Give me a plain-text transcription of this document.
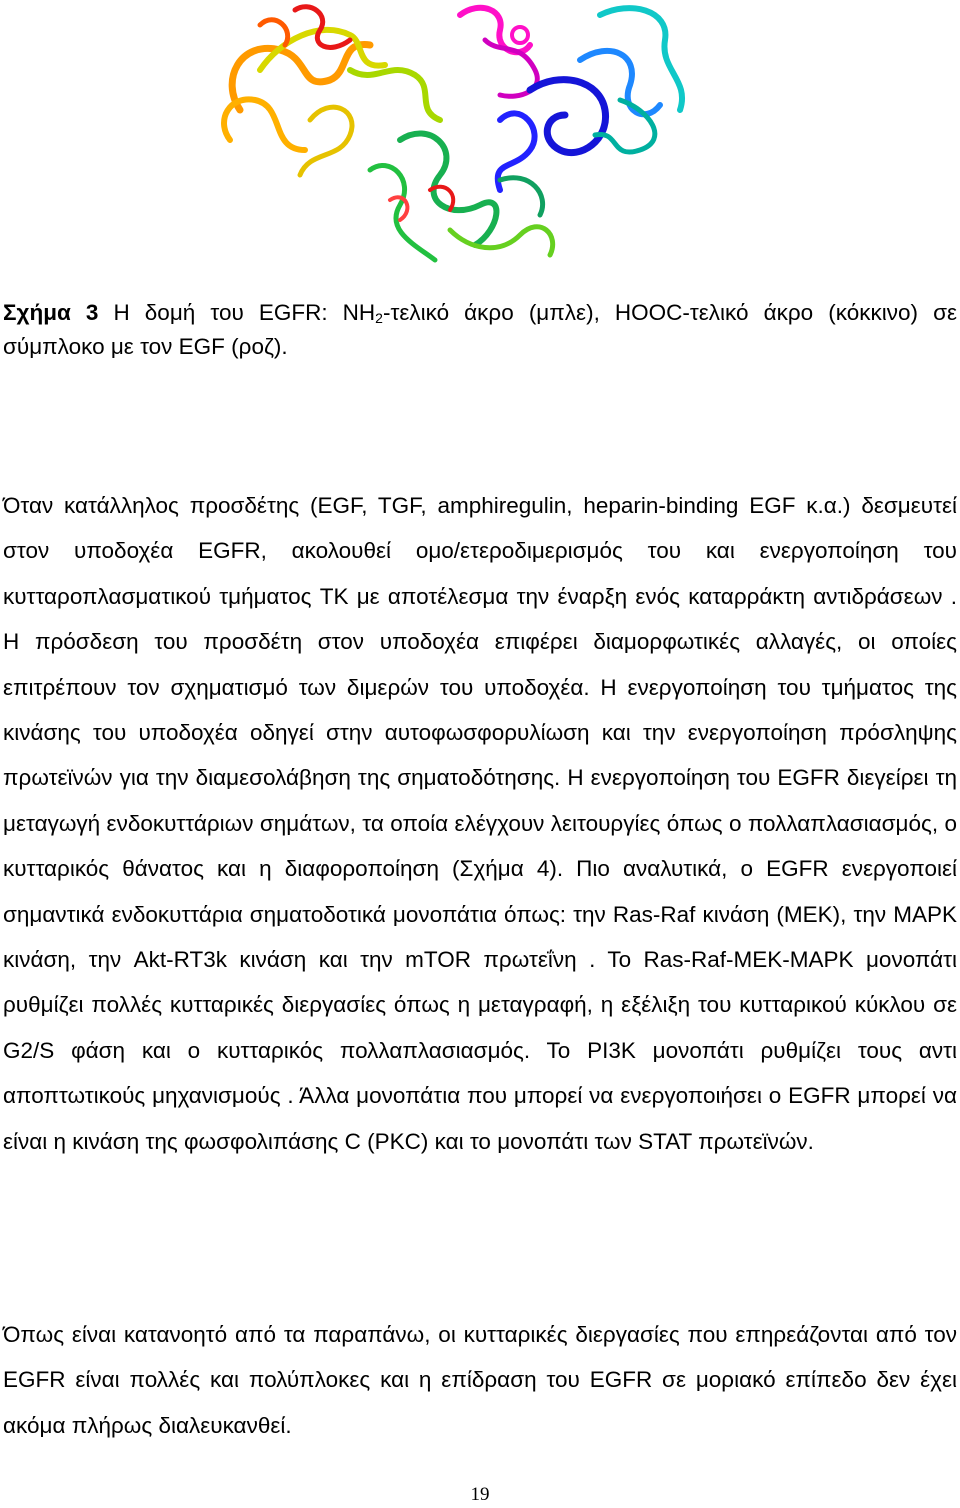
Σχήμα 3 Η δομή του EGFR: $NH_2$-τελικό άκρο (μπλε), HOOC-τελικό άκρο (κόκκινο) σε σύμπλοκο με τον EGF (ροζ).

Όταν κατάλληλος προσδέτης (EGF, TGF, amphiregulin, heparin-binding EGF κ.α.) δεσμευτεί στον υποδοχέα EGFR, ακολουθεί ομο/ετεροδιμερισμός του και ενεργοποίηση του κυτταροπλασματικού τμήματος TK με αποτέλεσμα την έναρξη ενός καταρράκτη αντιδράσεων . Η πρόσδεση του προσδέτη στον υποδοχέα επιφέρει διαμορφωτικές αλλαγές, οι οποίες επιτρέπουν τον σχηματισμό των διμερών του υποδοχέα. Η ενεργοποίηση του τμήματος της κινάσης του υποδοχέα οδηγεί στην αυτοφωσφορυλίωση και την ενεργοποίηση πρόσληψης πρωτεϊνών για την διαμεσολάβηση της σηματοδότησης. Η ενεργοποίηση του EGFR διεγείρει τη μεταγωγή ενδοκυττάριων σημάτων, τα οποία ελέγχουν λειτουργίες όπως ο πολλαπλασιασμός, ο κυτταρικός θάνατος και η διαφοροποίηση (Σχήμα 4). Πιο αναλυτικά, ο EGFR ενεργοποιεί σημαντικά ενδοκυττάρια σηματοδοτικά μονοπάτια όπως: την Ras-Raf κινάση (MEK), την MAPK κινάση, την Akt-RT3k κινάση και την mTOR πρωτεΐνη . Το Ras-Raf-MEK-MAPK μονοπάτι ρυθμίζει πολλές κυτταρικές διεργασίες όπως η μεταγραφή, η εξέλιξη του κυτταρικού κύκλου σε G2/S φάση και ο κυτταρικός πολλαπλασιασμός. Το PI3K μονοπάτι ρυθμίζει τους αντι αποπτωτικούς μηχανισμούς . Άλλα μονοπάτια που μπορεί να ενεργοποιήσει ο EGFR μπορεί να είναι η κινάση της φωσφολιπάσης C (PKC) και το μονοπάτι των STAT πρωτεϊνών.

Όπως είναι κατανοητό από τα παραπάνω, οι κυτταρικές διεργασίες που επηρεάζονται από τον EGFR είναι πολλές και πολύπλοκες και η επίδραση του EGFR σε μοριακό επίπεδο δεν έχει ακόμα πλήρως διαλευκανθεί.

19
